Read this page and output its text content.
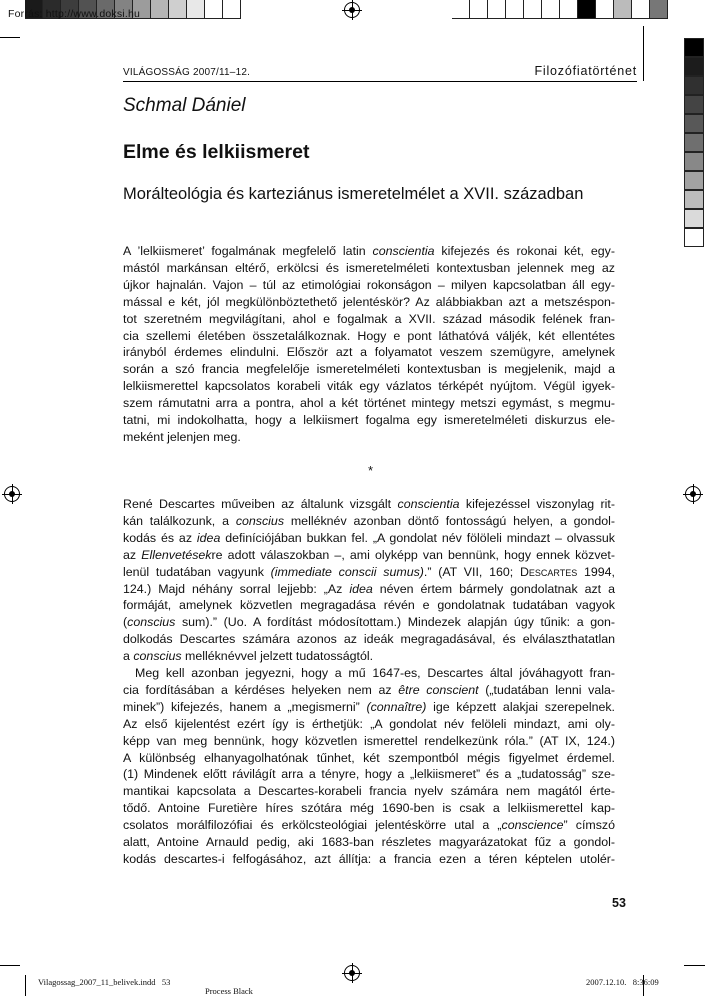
Forrás: http://www.doksi.hu
VILÁGOSSÁG 2007/11–12.	Filozófiatörténet
Schmal Dániel
Elme és lelkiismeret
Morálteológia és karteziánus ismeretelmélet a XVII. században
A ’lelkiismeret’ fogalmának megfelelő latin conscientia kifejezés és rokonai két, egy-
mástól markánsan eltérő, erkölcsi és ismeretelméleti kontextusban jelennek meg az
újkor hajnalán. Vajon – túl az etimológiai rokonságon – milyen kapcsolatban áll egy-
mással e két, jól megkülönböztethető jelentéskör? Az alábbiakban azt a metszéspon-
tot szeretném megvilágítani, ahol e fogalmak a XVII. század második felének fran-
cia szellemi életében összetalálkoznak. Hogy e pont láthatóvá váljék, két ellentétes
irányból érdemes elindulni. Először azt a folyamatot veszem szemügyre, amelynek
során a szó francia megfelelője ismeretelméleti kontextusban is megjelenik, majd a
lelkiismerettel kapcsolatos korabeli viták egy vázlatos térképét nyújtom. Végül igyek-
szem rámutatni arra a pontra, ahol a két történet mintegy metszi egymást, s megmu-
tatni, mi indokolhatta, hogy a lelkiismert fogalma egy ismeretelméleti diskurzus ele-
meként jelenjen meg.
*
René Descartes műveiben az általunk vizsgált conscientia kifejezéssel viszonylag rit-
kán találkozunk, a conscius melléknév azonban döntő fontosságú helyen, a gondol-
kodás és az idea definíciójában bukkan fel. „A gondolat név fölöleli mindazt – olvassuk
az Ellenvetésekre adott válaszokban –, ami olyképp van bennünk, hogy ennek közvet-
lenül tudatában vagyunk (immediate conscii sumus).” (AT VII, 160; Descartes 1994,
124.) Majd néhány sorral lejjebb: „Az idea néven értem bármely gondolatnak azt a
formáját, amelynek közvetlen megragadása révén e gondolatnak tudatában vagyok
(conscius sum).” (Uo. A fordítást módosítottam.) Mindezek alapján úgy tűnik: a gon-
dolkodás Descartes számára azonos az ideák megragadásával, és elválaszthatatlan
a conscius melléknévvel jelzett tudatosságtól.
Meg kell azonban jegyezni, hogy a mű 1647-es, Descartes által jóváhagyott fran-
cia fordításában a kérdéses helyeken nem az être conscient („tudatában lenni vala-
minek”) kifejezés, hanem a „megismerni” (connaître) ige képzett alakjai szerepelnek.
Az első kijelentést ezért így is érthetjük: „A gondolat név felöleli mindazt, ami oly-
képp van meg bennünk, hogy közvetlen ismerettel rendelkezünk róla.” (AT IX, 124.)
A különbség elhanyagolhatónak tűnhet, két szempontból mégis figyelmet érdemel.
(1) Mindenek előtt rávilágít arra a tényre, hogy a „lelkiismeret” és a „tudatosság” sze-
mantikai kapcsolata a Descartes-korabeli francia nyelv számára nem magától érte-
tődő. Antoine Furetière híres szótára még 1690-ben is csak a lelkiismerettel kap-
csolatos morálfilozófiai és erkölcsteológiai jelentéskörre utal a „conscience” címszó
alatt, Antoine Arnauld pedig, aki 1683-ban részletes magyarázatokat fűz a gondol-
kodás descartes-i felfogásához, azt állítja: a francia ezen a téren képtelen utolér-
53
Vilagossag_2007_11_belivek.indd   53
Process Black
2007.12.10.   8:36:09
